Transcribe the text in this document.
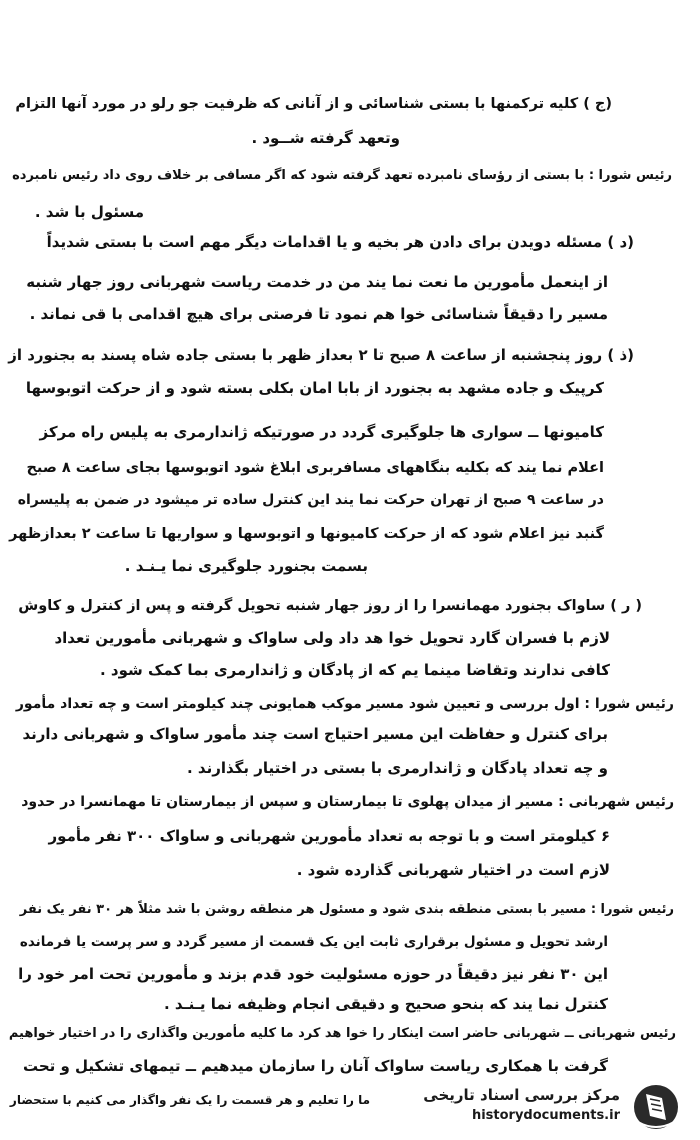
(ج ) کلیه ترکمنها با بستی شناسائی و از آنانی که ظرفیت جو رلو در مورد آنها التزام
وتعهد گرفته شــود .
رئیس شورا : با بستی از رؤسای نامبرده تعهد گرفته شود که اگر مسافی بر خلاف روی داد رئیس نامبرده
مسئول با شد .
(د ) مسئله دویدن برای دادن هر بخیه و یا اقدامات دیگر مهم است با بستی شدیداً
از اینعمل مأمورین ما نعت نما یند من در خدمت ریاست شهربانی روز جهار شنبه
مسیر را دقیقاً شناسائی خوا هم نمود تا فرصتی برای هیچ اقدامی با قی نماند .
(ذ ) روز پنجشنبه از ساعت ۸ صبح تا ۲ بعداز ظهر با بستی جاده شاه پسند به بجنورد از
کرپیک و جاده مشهد به بجنورد از بابا امان بکلی بسته شود و از حرکت اتوبوسها
کامیونها ــ سواری ها جلوگیری گردد در صورتیکه ژاندارمری به پلیس راه مرکز
اعلام نما یند که بکلیه بنگاههای مسافربری ابلاغ شود اتوبوسها بجای ساعت ۸ صبح
در ساعت ۹ صبح از تهران حرکت نما یند این کنترل ساده تر میشود در ضمن به پلیسراه
گنبد نیز اعلام شود که از حرکت کامیونها و اتوبوسها و سواریها تا ساعت ۲ بعدازظهر
بسمت بجنورد جلوگیری نما یـنـد .
( ر ) ساواک بجنورد مهمانسرا را از روز جهار شنبه تحویل گرفته و پس از کنترل و کاوش
لازم با فسران گارد تحویل خوا هد داد ولی ساواک و شهربانی مأمورین تعداد
کافی ندارند وتقاضا مینما یم که از پادگان و ژاندارمری بما کمک شود .
رئیس شورا : اول بررسی و تعیین شود مسیر موکب همایونی چند کیلومتر است و چه تعداد مأمور
برای کنترل و حفاظت این مسیر احتیاج است چند مأمور ساواک و شهربانی دارند
و چه تعداد پادگان و ژاندارمری با بستی در اختیار بگذارند .
رئیس شهربانی : مسیر از میدان پهلوی تا بیمارستان و سپس از بیمارستان تا مهمانسرا در حدود
۶ کیلومتر است و با توجه به تعداد مأمورین شهربانی و ساواک ۳۰۰ نفر مأمور
لازم است در اختیار شهربانی گذارده شود .
رئیس شورا : مسیر با بستی منطقه بندی شود و مسئول هر منطقه روشن با شد مثلاً هر ۳۰ نفر یک نفر
ارشد تحویل و مسئول برقراری ثابت این یک قسمت از مسیر گردد و سر پرست یا فرمانده
این ۳۰ نفر نیز دقیقاً در حوزه مسئولیت خود قدم بزند و مأمورین تحت امر خود را
کنترل نما یند که بنحو صحیح و دقیقی انجام وظیفه نما یـنـد .
رئیس شهربانی ــ شهربانی حاضر است اینکار را خوا هد کرد ما کلیه مأمورین واگذاری را در اختیار خواهیم
گرفت با همکاری ریاست ساواک آنان را سازمان میدهیم ــ تیمهای تشکیل و تحت
ما را تعلیم و هر قسمت را یک نفر واگذار می کنیم با ستحضار	مرکز بررسی اسناد تاریخی
historydocuments.ir
